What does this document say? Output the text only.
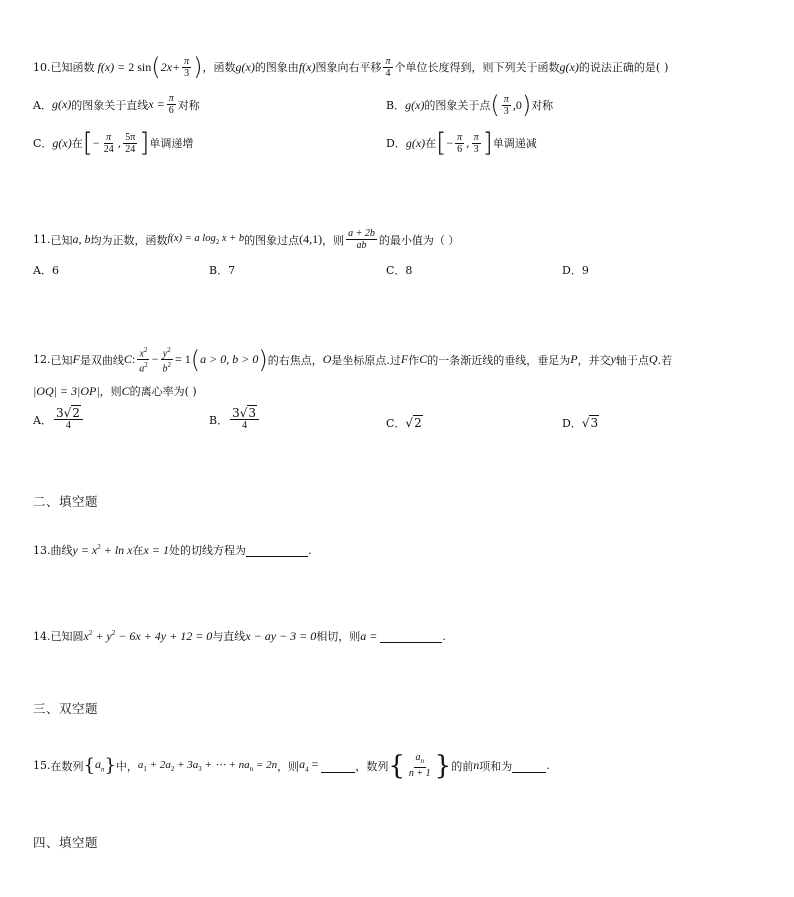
10. 已知函数 f(x) = 2 sin ( $2x+ \frac{\pi}{3}$ ) ，函数 g(x) 的图象由 f(x) 图象向右平移 $\frac{\pi}{4}$ 个单位长度得到，则下列关于函数 g(x) 的说法正确的是( )
A． g(x) 的图象关于直线 $x = \frac{\pi}{6}$ 对称	B． g(x) 的图象关于点 ( $\frac{\pi}{3} ,0$ ) 对称
C． g(x) 在 [ − $\frac{\pi}{24}$ , $\frac{5\pi}{24}$ ] 单调递增	D． g(x) 在 [ − $\frac{\pi}{6}$ , $\frac{\pi}{3}$ ] 单调递减
11. 已知 a, b 均为正数，函数 f(x) = a $\log_2 x + b$ 的图象过点 (4,1) ，则 $\frac{a + 2b}{ab}$ 的最小值为（ ）
A．6	B．7	C．8	D．9
12. 已知 F 是双曲线 C: $\frac{x^2}{a^2} - \frac{y^2}{b^2} = 1$ ( a > 0, b > 0 ) 的右焦点， O 是坐标原点.过 F 作 C 的一条渐近线的垂线，垂足为 P ，并交 y 轴于点 Q .若
|OQ| = 3|OP| ，则 C 的离心率为( )
A． $\frac{3√2}{4}$	B． $\frac{3√3}{4}$	C． √2	D． √3
二、填空题
13. 曲线 $y = x^2 + \ln x$ 在 x = 1 处的切线方程为
	.
14. 已知圆 $x^2 + y^2 - 6x + 4y + 12 = 0$ 与直线 x − ay − 3 = 0 相切，则 a =
	.
三、双空题
15. 在数列 { $a_n$ } 中， $a_1 + 2a_2 + 3a_3$ + ⋯ + $na_n = 2n$ ，则 $a_4$ =
	，数列 { $\frac{a_n}{n + 1}$ } 的前 n 项和为
	.
四、填空题
